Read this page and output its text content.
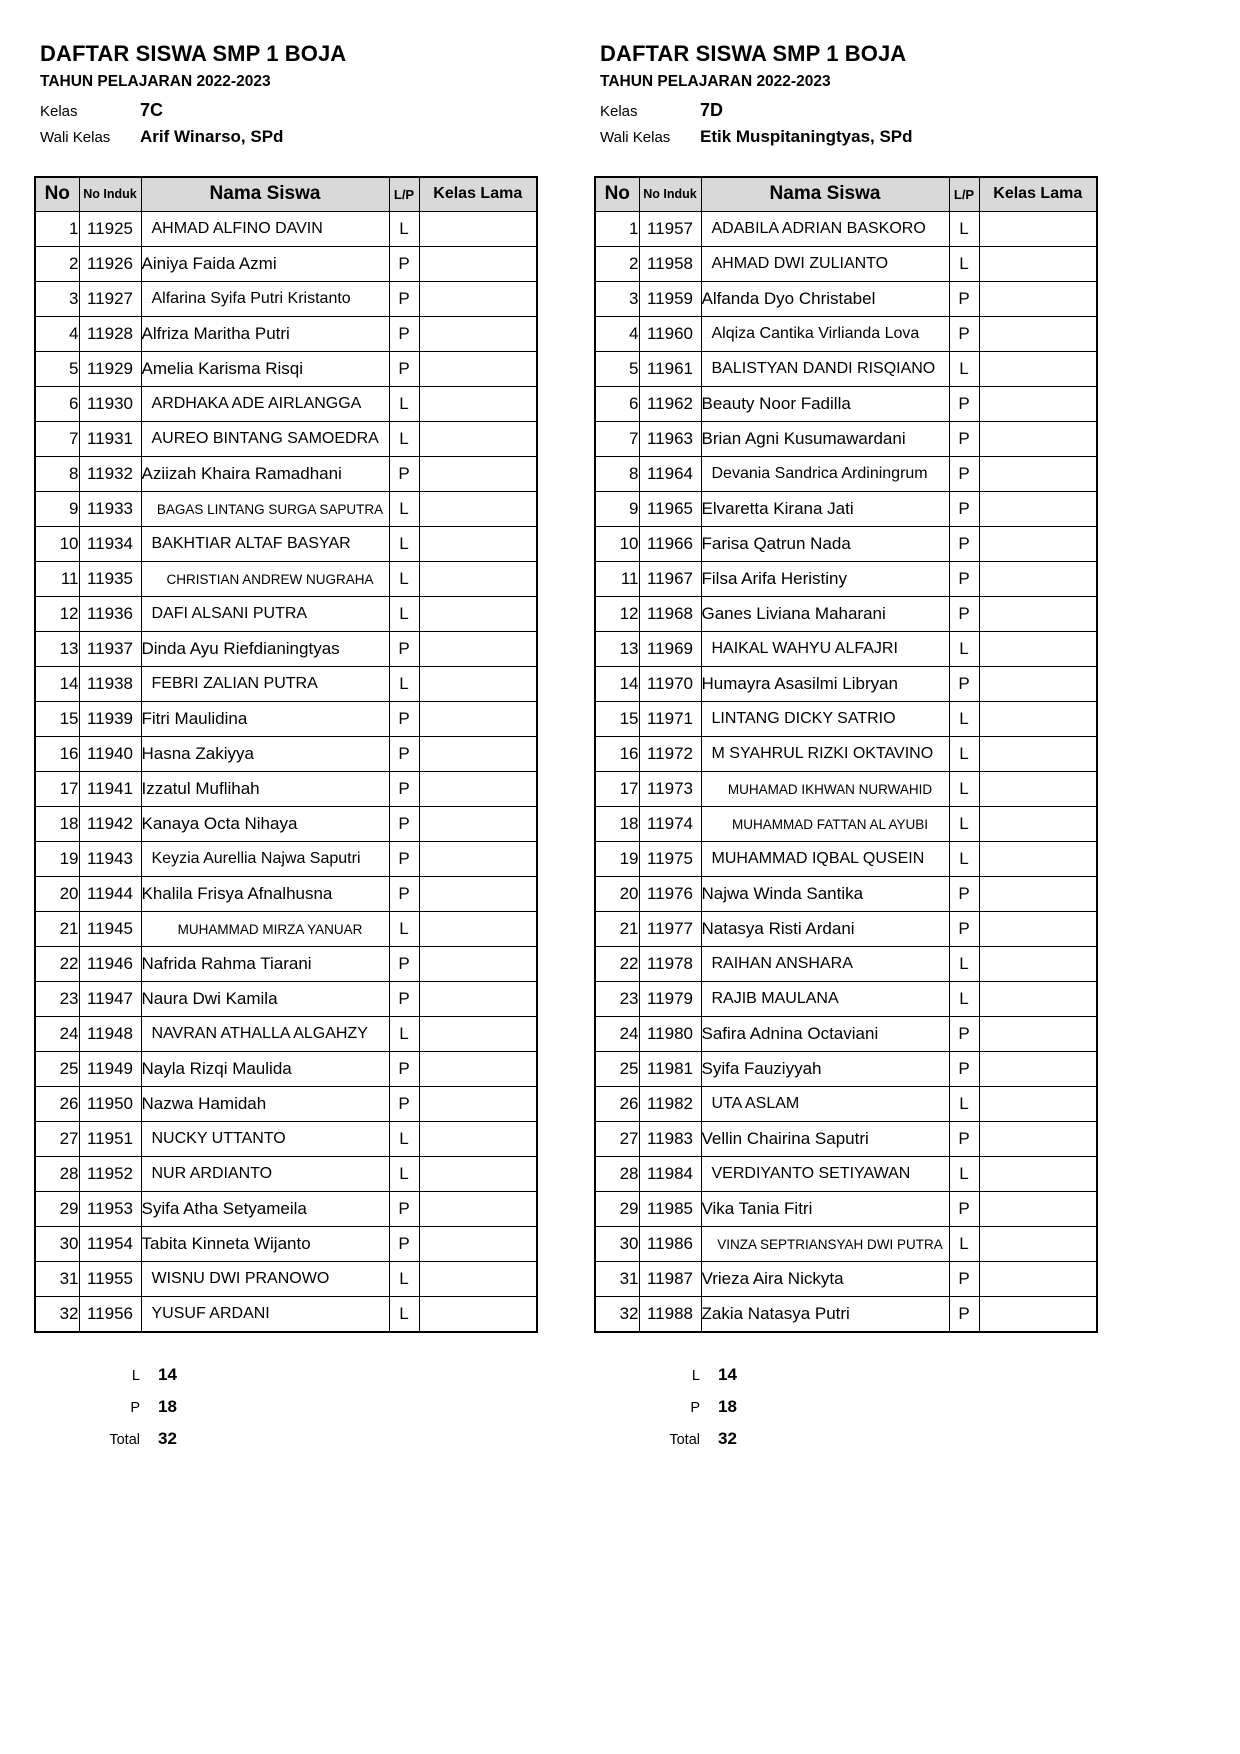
DAFTAR SISWA SMP 1 BOJA
TAHUN PELAJARAN 2022-2023
Kelas	7C
Wali Kelas	Arif Winarso, SPd
No	No Induk	Nama Siswa	L/P	Kelas Lama
1	11925	AHMAD ALFINO DAVIN	L	
2	11926	Ainiya Faida Azmi	P	
3	11927	Alfarina Syifa Putri Kristanto	P	
4	11928	Alfriza Maritha Putri	P	
5	11929	Amelia Karisma Risqi	P	
6	11930	ARDHAKA ADE AIRLANGGA	L	
7	11931	AUREO BINTANG SAMOEDRA	L	
8	11932	Aziizah Khaira Ramadhani	P	
9	11933	BAGAS LINTANG SURGA SAPUTRA	L	
10	11934	BAKHTIAR ALTAF BASYAR	L	
11	11935	CHRISTIAN ANDREW NUGRAHA	L	
12	11936	DAFI ALSANI PUTRA	L	
13	11937	Dinda Ayu Riefdianingtyas	P	
14	11938	FEBRI ZALIAN PUTRA	L	
15	11939	Fitri Maulidina	P	
16	11940	Hasna Zakiyya	P	
17	11941	Izzatul Muflihah	P	
18	11942	Kanaya Octa Nihaya	P	
19	11943	Keyzia Aurellia Najwa Saputri	P	
20	11944	Khalila Frisya Afnalhusna	P	
21	11945	MUHAMMAD MIRZA YANUAR	L	
22	11946	Nafrida Rahma Tiarani	P	
23	11947	Naura Dwi Kamila	P	
24	11948	NAVRAN ATHALLA ALGAHZY	L	
25	11949	Nayla Rizqi Maulida	P	
26	11950	Nazwa Hamidah	P	
27	11951	NUCKY UTTANTO	L	
28	11952	NUR ARDIANTO	L	
29	11953	Syifa Atha Setyameila	P	
30	11954	Tabita Kinneta Wijanto	P	
31	11955	WISNU DWI PRANOWO	L	
32	11956	YUSUF ARDANI	L	
L	14
P	18
Total	32
DAFTAR SISWA SMP 1 BOJA
TAHUN PELAJARAN 2022-2023
Kelas	7D
Wali Kelas	Etik Muspitaningtyas, SPd
No	No Induk	Nama Siswa	L/P	Kelas Lama
1	11957	ADABILA ADRIAN BASKORO	L	
2	11958	AHMAD DWI ZULIANTO	L	
3	11959	Alfanda Dyo Christabel	P	
4	11960	Alqiza Cantika Virlianda Lova	P	
5	11961	BALISTYAN DANDI RISQIANO	L	
6	11962	Beauty Noor Fadilla	P	
7	11963	Brian Agni Kusumawardani	P	
8	11964	Devania Sandrica Ardiningrum	P	
9	11965	Elvaretta Kirana Jati	P	
10	11966	Farisa Qatrun Nada	P	
11	11967	Filsa Arifa Heristiny	P	
12	11968	Ganes Liviana Maharani	P	
13	11969	HAIKAL WAHYU ALFAJRI	L	
14	11970	Humayra Asasilmi Libryan	P	
15	11971	LINTANG DICKY SATRIO	L	
16	11972	M SYAHRUL RIZKI OKTAVINO	L	
17	11973	MUHAMAD IKHWAN NURWAHID	L	
18	11974	MUHAMMAD FATTAN AL AYUBI	L	
19	11975	MUHAMMAD IQBAL QUSEIN	L	
20	11976	Najwa Winda Santika	P	
21	11977	Natasya Risti Ardani	P	
22	11978	RAIHAN ANSHARA	L	
23	11979	RAJIB MAULANA	L	
24	11980	Safira Adnina Octaviani	P	
25	11981	Syifa Fauziyyah	P	
26	11982	UTA ASLAM	L	
27	11983	Vellin Chairina Saputri	P	
28	11984	VERDIYANTO SETIYAWAN	L	
29	11985	Vika Tania Fitri	P	
30	11986	VINZA SEPTRIANSYAH DWI PUTRA	L	
31	11987	Vrieza Aira Nickyta	P	
32	11988	Zakia Natasya Putri	P	
L	14
P	18
Total	32
